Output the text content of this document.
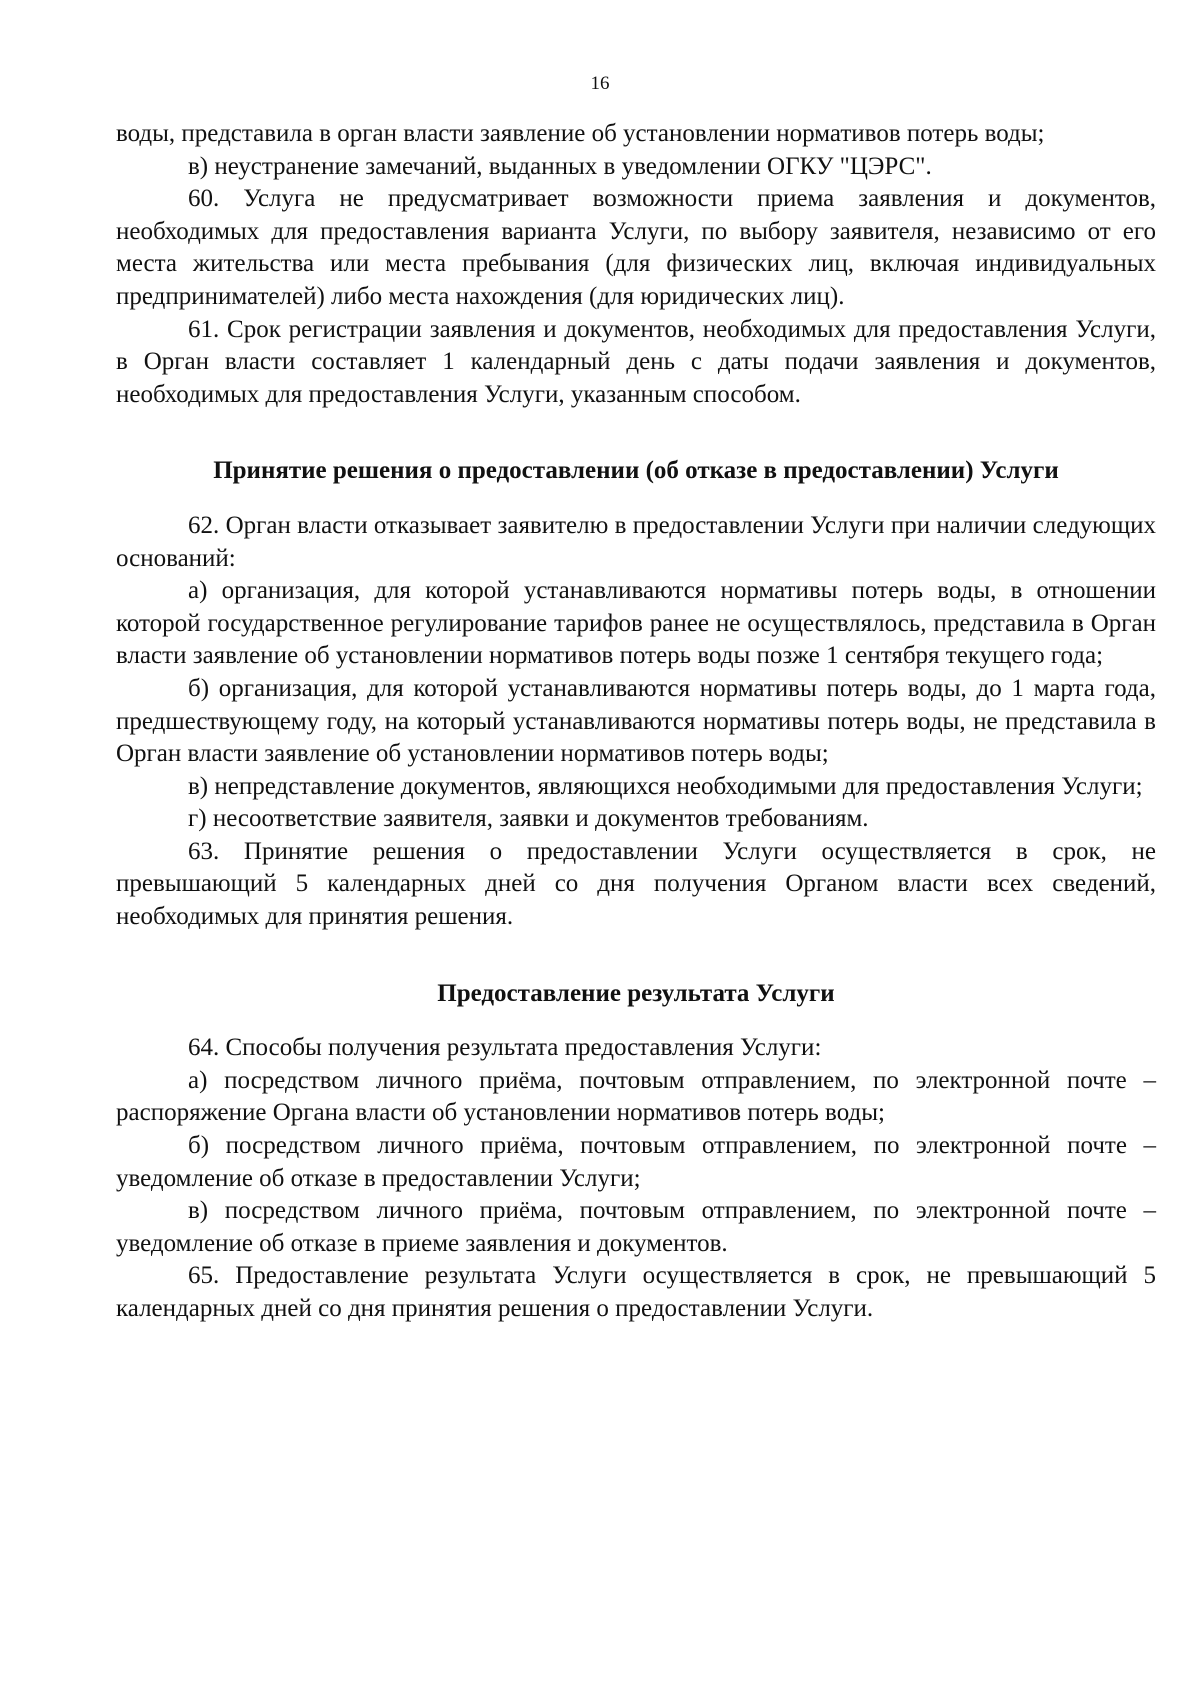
16

воды, представила в орган власти заявление об установлении нормативов потерь воды;

в) неустранение замечаний, выданных в уведомлении ОГКУ "ЦЭРС".

60. Услуга не предусматривает возможности приема заявления и документов, необходимых для предоставления варианта Услуги, по выбору заявителя, независимо от его места жительства или места пребывания (для физических лиц, включая индивидуальных предпринимателей) либо места нахождения (для юридических лиц).

61. Срок регистрации заявления и документов, необходимых для предоставления Услуги, в Орган власти составляет 1 календарный день с даты подачи заявления и документов, необходимых для предоставления Услуги, указанным способом.

Принятие решения о предоставлении (об отказе в предоставлении) Услуги

62. Орган власти отказывает заявителю в предоставлении Услуги при наличии следующих оснований:

а) организация, для которой устанавливаются нормативы потерь воды, в отношении которой государственное регулирование тарифов ранее не осуществлялось, представила в Орган власти заявление об установлении нормативов потерь воды позже 1 сентября текущего года;

б) организация, для которой устанавливаются нормативы потерь воды, до 1 марта года, предшествующему году, на который устанавливаются нормативы потерь воды, не представила в Орган власти заявление об установлении нормативов потерь воды;

в) непредставление документов, являющихся необходимыми для предоставления Услуги;

г) несоответствие заявителя, заявки и документов требованиям.

63. Принятие решения о предоставлении Услуги осуществляется в срок, не превышающий 5 календарных дней со дня получения Органом власти всех сведений, необходимых для принятия решения.

Предоставление результата Услуги

64. Способы получения результата предоставления Услуги:

а) посредством личного приёма, почтовым отправлением, по электронной почте – распоряжение Органа власти об установлении нормативов потерь воды;

б) посредством личного приёма, почтовым отправлением, по электронной почте – уведомление об отказе в предоставлении Услуги;

в) посредством личного приёма, почтовым отправлением, по электронной почте – уведомление об отказе в приеме заявления и документов.

65. Предоставление результата Услуги осуществляется в срок, не превышающий 5 календарных дней со дня принятия решения о предоставлении Услуги.
